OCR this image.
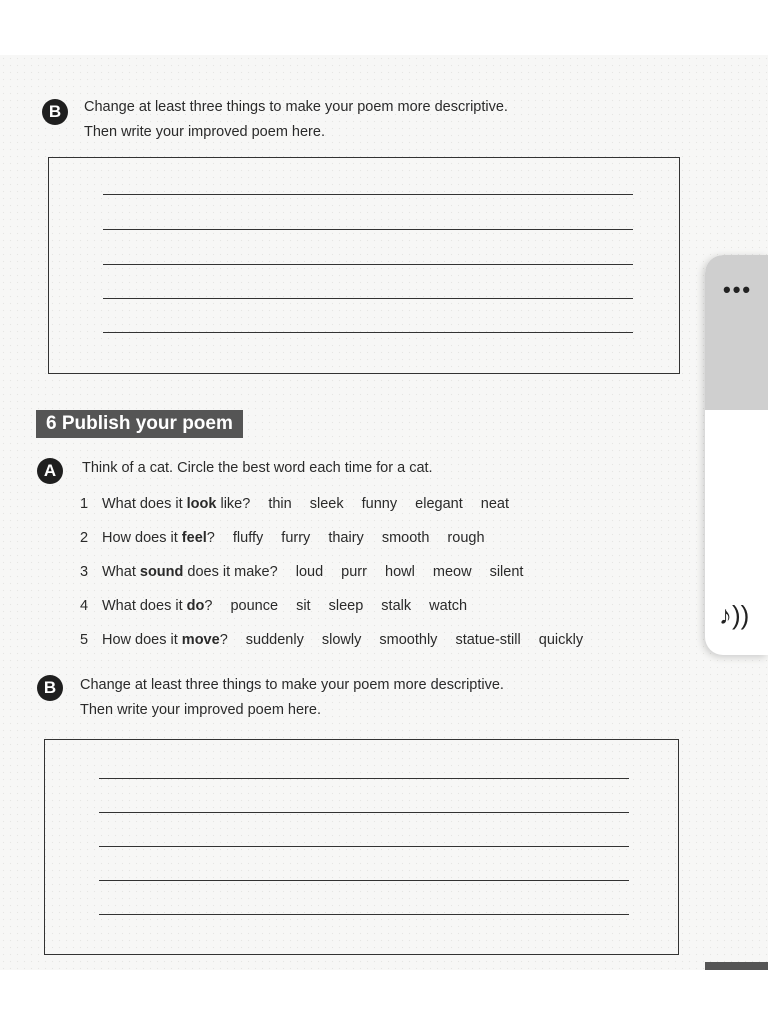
B	Change at least three things to make your poem more descriptive.
Then write your improved poem here.
6 Publish your poem
A	Think of a cat. Circle the best word each time for a cat.
1 What does it look like? thin sleek funny elegant neat
2 How does it feel? fluffy furry thairy smooth rough
3 What sound does it make? loud purr howl meow silent
4 What does it do? pounce sit sleep stalk watch
5 How does it move? suddenly slowly smoothly statue-still quickly
B	Change at least three things to make your poem more descriptive.
Then write your improved poem here.
•••
♪))
